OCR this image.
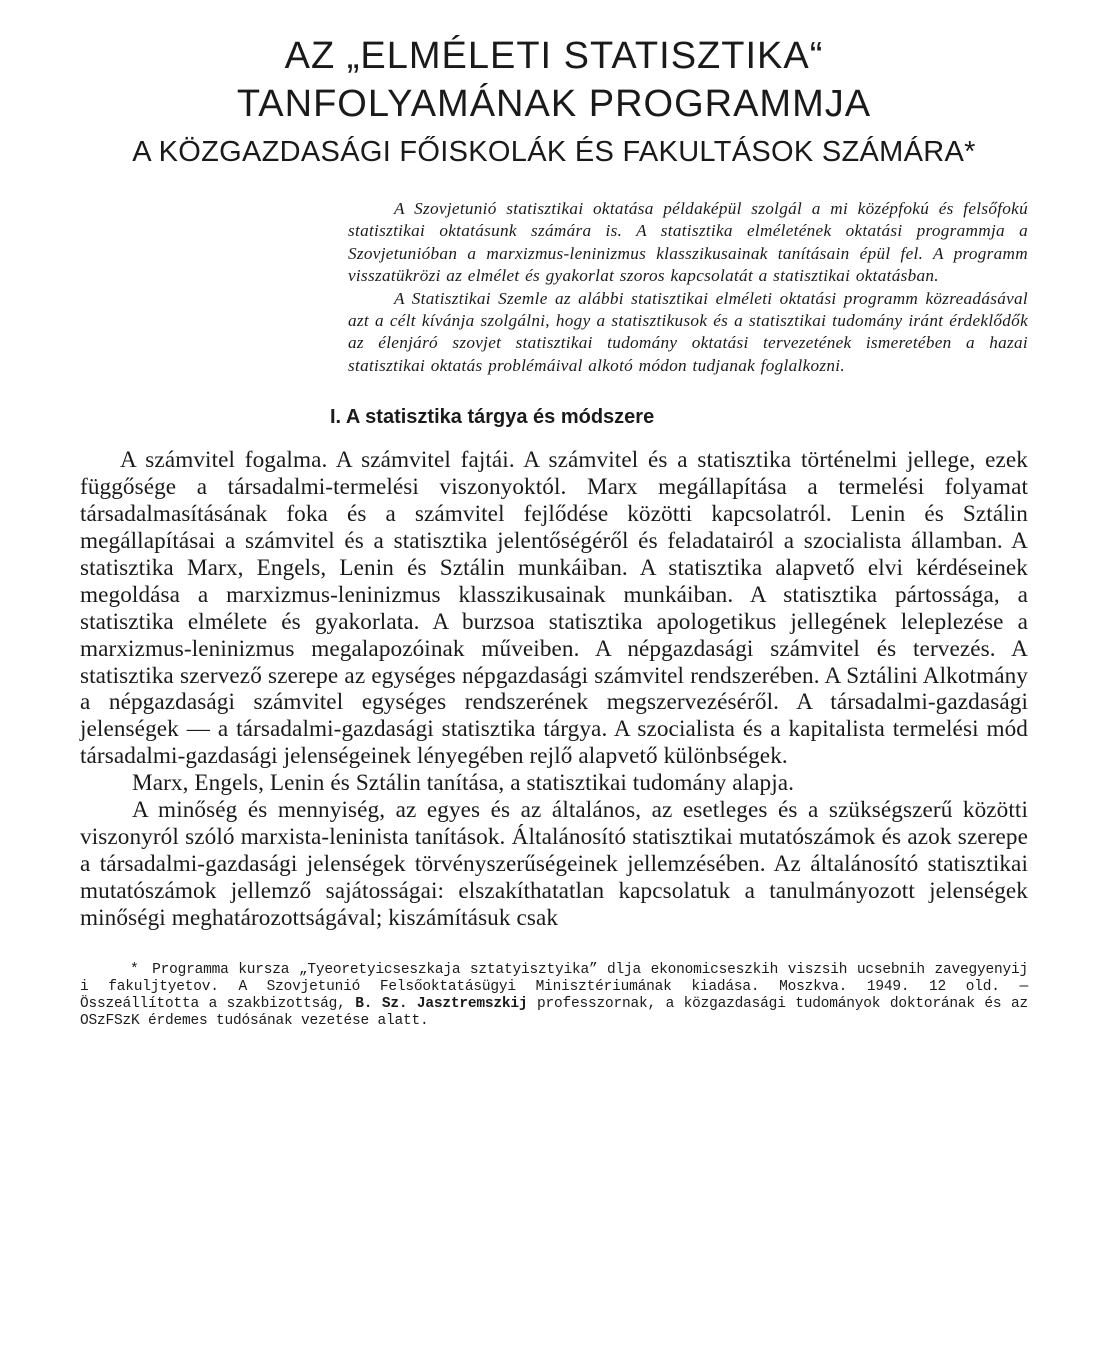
AZ „ELMÉLETI STATISZTIKA“
TANFOLYAMÁNAK PROGRAMMJA
A KÖZGAZDASÁGI FŐISKOLÁK ÉS FAKULTÁSOK SZÁMÁRA*

A Szovjetunió statisztikai oktatása példaképül szolgál a mi középfokú és felsőfokú statisztikai oktatásunk számára is. A statisztika elméletének oktatási programmja a Szovjetunióban a marxizmus-leninizmus klasszikusainak tanításain épül fel. A programm visszatükrözi az elmélet és gyakorlat szoros kapcsolatát a statisztikai oktatásban.

A Statisztikai Szemle az alábbi statisztikai elméleti oktatási programm közreadásával azt a célt kívánja szolgálni, hogy a statisztikusok és a statisztikai tudomány iránt érdeklődők az élenjáró szovjet statisztikai tudomány oktatási tervezetének ismeretében a hazai statisztikai oktatás problémáival alkotó módon tudjanak foglalkozni.

I. A statisztika tárgya és módszere

A számvitel fogalma. A számvitel fajtái. A számvitel és a statisztika történelmi jellege, ezek függősége a társadalmi-termelési viszonyoktól. Marx megállapítása a termelési folyamat társadalmasításának foka és a számvitel fejlődése közötti kapcsolatról. Lenin és Sztálin megállapításai a számvitel és a statisztika jelentőségéről és feladatairól a szocialista államban. A statisztika Marx, Engels, Lenin és Sztálin munkáiban. A statisztika alapvető elvi kérdéseinek megoldása a marxizmus-leninizmus klasszikusainak munkáiban. A statisztika pártossága, a statisztika elmélete és gyakorlata. A burzsoa statisztika apologetikus jellegének leleplezése a marxizmus-leninizmus megalapozóinak műveiben. A népgazdasági számvitel és tervezés. A statisztika szervező szerepe az egységes népgazdasági számvitel rendszerében. A Sztálini Alkotmány a népgazdasági számvitel egységes rendszerének megszervezéséről. A társadalmi-gazdasági jelenségek — a társadalmi-gazdasági statisztika tárgya. A szocialista és a kapitalista termelési mód társadalmi-gazdasági jelenségeinek lényegében rejlő alapvető különbségek.

Marx, Engels, Lenin és Sztálin tanítása, a statisztikai tudomány alapja.

A minőség és mennyiség, az egyes és az általános, az esetleges és a szükségszerű közötti viszonyról szóló marxista-leninista tanítások. Általánosító statisztikai mutatószámok és azok szerepe a társadalmi-gazdasági jelenségek törvényszerűségeinek jellemzésében. Az általánosító statisztikai mutatószámok jellemző sajátosságai: elszakíthatatlan kapcsolatuk a tanulmányozott jelenségek minőségi meghatározottságával; kiszámításuk csak

* Programma kursza „Tyeoretyicseszkaja sztatyisztyika” dlja ekonomicseszkih viszsih ucsebnih zavegyenyij i fakuljtyetov. A Szovjetunió Felsőoktatásügyi Minisztériumának kiadása. Moszkva. 1949. 12 old. — Összeállította a szakbizottság, B. Sz. Jasztremszkij professzornak, a közgazdasági tudományok doktorának és az OSzFSzK érdemes tudósának vezetése alatt.
